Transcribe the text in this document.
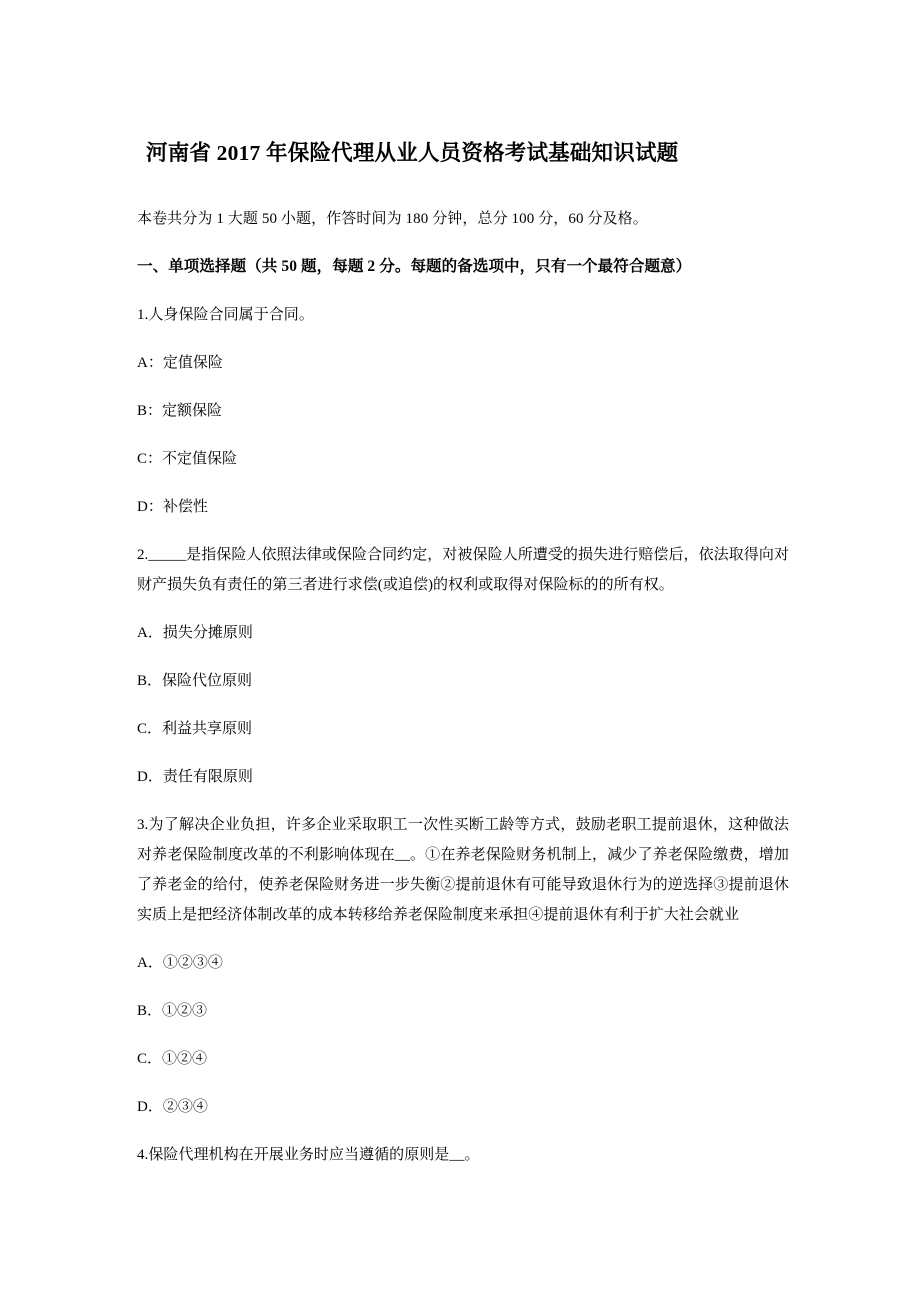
河南省 2017 年保险代理从业人员资格考试基础知识试题

本卷共分为 1 大题 50 小题，作答时间为 180 分钟，总分 100 分，60 分及格。

一、单项选择题（共 50 题，每题 2 分。每题的备选项中，只有一个最符合题意）

1.人身保险合同属于合同。

A：定值保险
B：定额保险
C：不定值保险
D：补偿性

2._____是指保险人依照法律或保险合同约定，对被保险人所遭受的损失进行赔偿后，依法取得向对财产损失负有责任的第三者进行求偿(或追偿)的权利或取得对保险标的的所有权。

A．损失分摊原则
B．保险代位原则
C．利益共享原则
D．责任有限原则

3.为了解决企业负担，许多企业采取职工一次性买断工龄等方式，鼓励老职工提前退休，这种做法对养老保险制度改革的不利影响体现在__。①在养老保险财务机制上，减少了养老保险缴费，增加了养老金的给付，使养老保险财务进一步失衡②提前退休有可能导致退休行为的逆选择③提前退休实质上是把经济体制改革的成本转移给养老保险制度来承担④提前退休有利于扩大社会就业

A．①②③④
B．①②③
C．①②④
D．②③④

4.保险代理机构在开展业务时应当遵循的原则是__。
